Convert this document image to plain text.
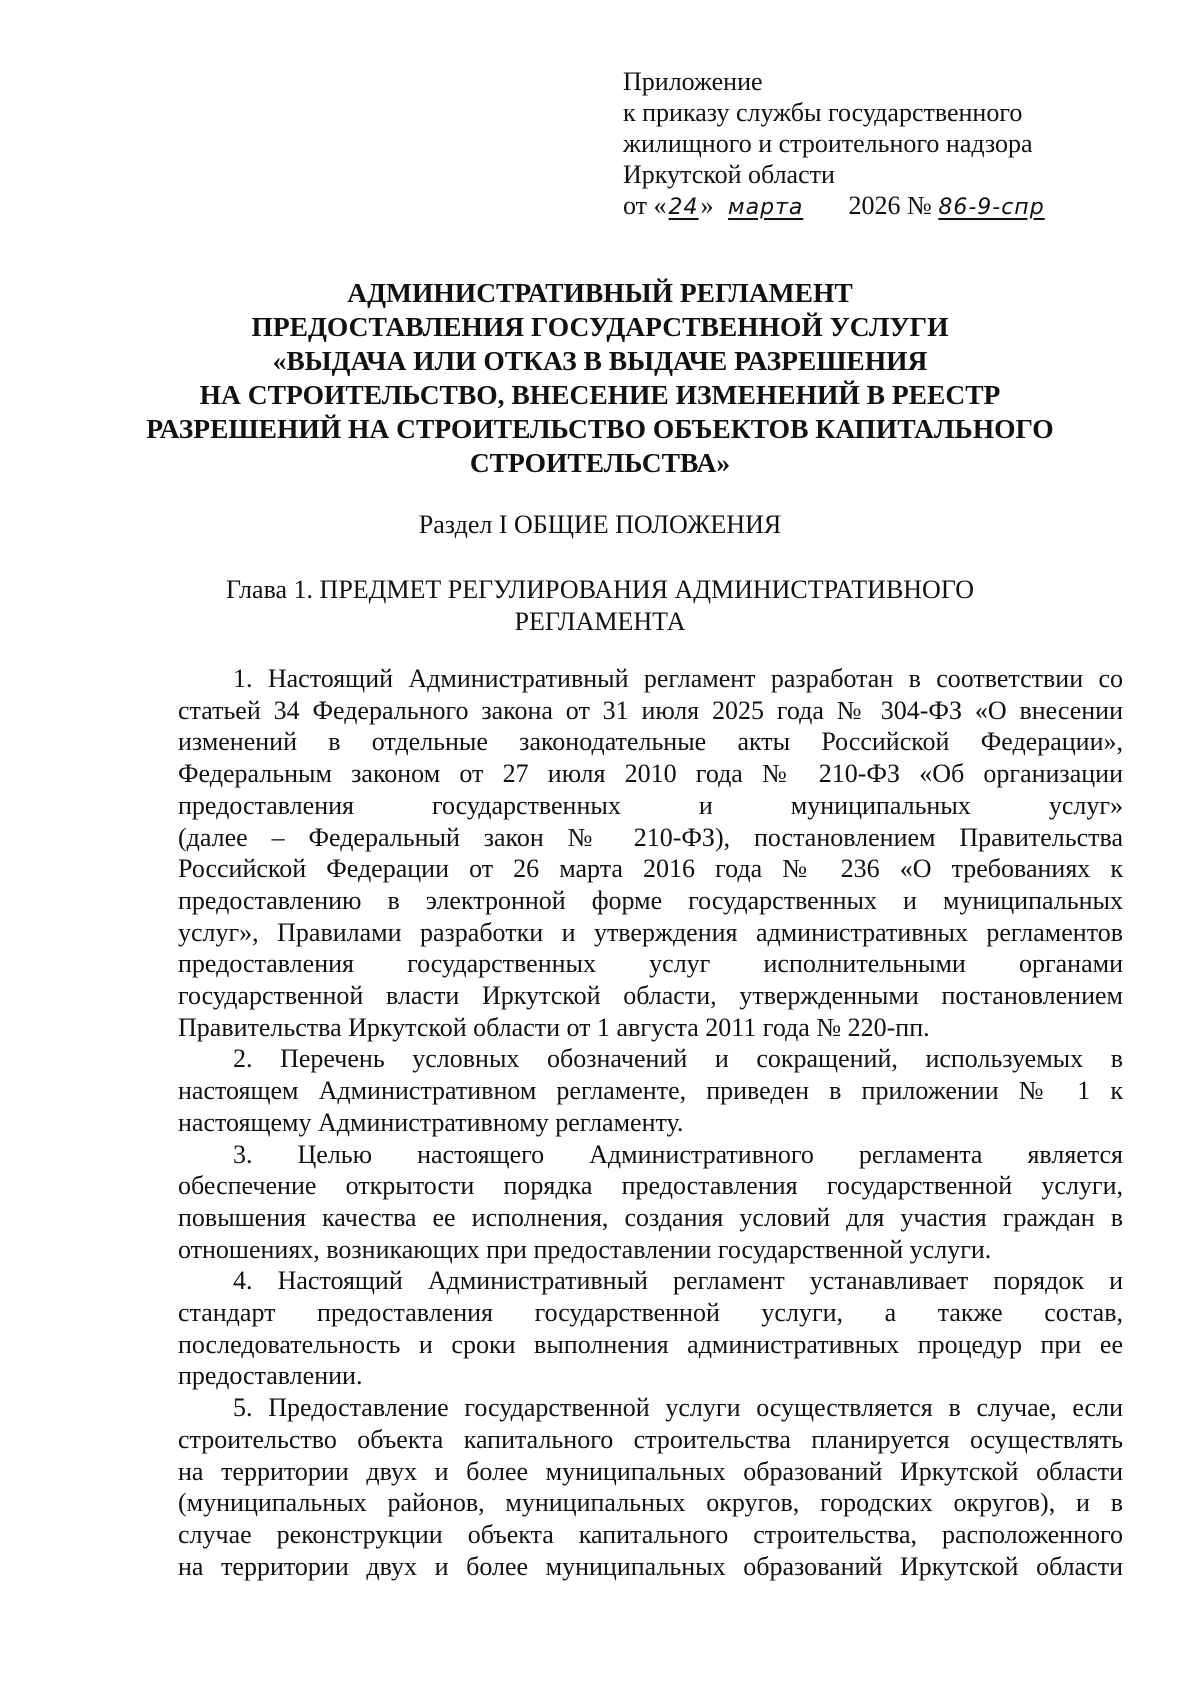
Приложение
к приказу службы государственного
жилищного и строительного надзора
Иркутской области
от «24» марта 2026 № 86-9-спр
АДМИНИСТРАТИВНЫЙ РЕГЛАМЕНТ
ПРЕДОСТАВЛЕНИЯ ГОСУДАРСТВЕННОЙ УСЛУГИ
«ВЫДАЧА ИЛИ ОТКАЗ В ВЫДАЧЕ РАЗРЕШЕНИЯ
НА СТРОИТЕЛЬСТВО, ВНЕСЕНИЕ ИЗМЕНЕНИЙ В РЕЕСТР
РАЗРЕШЕНИЙ НА СТРОИТЕЛЬСТВО ОБЪЕКТОВ КАПИТАЛЬНОГО
СТРОИТЕЛЬСТВА»
Раздел I ОБЩИЕ ПОЛОЖЕНИЯ
Глава 1. ПРЕДМЕТ РЕГУЛИРОВАНИЯ АДМИНИСТРАТИВНОГО
РЕГЛАМЕНТА
1. Настоящий Административный регламент разработан в соответствии со
статьей 34 Федерального закона от 31 июля 2025 года № 304-ФЗ «О внесении
изменений в отдельные законодательные акты Российской Федерации»,
Федеральным законом от 27 июля 2010 года № 210-ФЗ «Об организации
предоставления государственных и муниципальных услуг»
(далее – Федеральный закон № 210-ФЗ), постановлением Правительства
Российской Федерации от 26 марта 2016 года № 236 «О требованиях к
предоставлению в электронной форме государственных и муниципальных
услуг», Правилами разработки и утверждения административных регламентов
предоставления государственных услуг исполнительными органами
государственной власти Иркутской области, утвержденными постановлением
Правительства Иркутской области от 1 августа 2011 года № 220-пп.
2. Перечень условных обозначений и сокращений, используемых в
настоящем Административном регламенте, приведен в приложении № 1 к
настоящему Административному регламенту.
3. Целью настоящего Административного регламента является
обеспечение открытости порядка предоставления государственной услуги,
повышения качества ее исполнения, создания условий для участия граждан в
отношениях, возникающих при предоставлении государственной услуги.
4. Настоящий Административный регламент устанавливает порядок и
стандарт предоставления государственной услуги, а также состав,
последовательность и сроки выполнения административных процедур при ее
предоставлении.
5. Предоставление государственной услуги осуществляется в случае, если
строительство объекта капитального строительства планируется осуществлять
на территории двух и более муниципальных образований Иркутской области
(муниципальных районов, муниципальных округов, городских округов), и в
случае реконструкции объекта капитального строительства, расположенного
на территории двух и более муниципальных образований Иркутской области
